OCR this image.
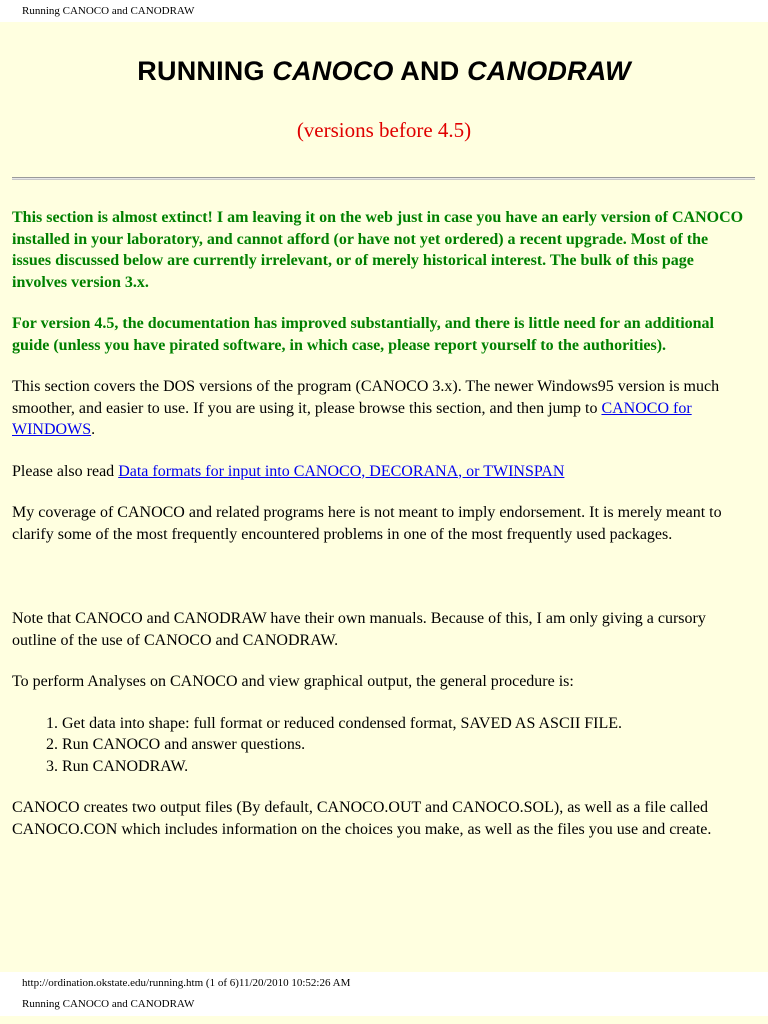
Running CANOCO and CANODRAW
RUNNING CANOCO AND CANODRAW
(versions before 4.5)

This section is almost extinct! I am leaving it on the web just in case you have an early version of CANOCO installed in your laboratory, and cannot afford (or have not yet ordered) a recent upgrade. Most of the issues discussed below are currently irrelevant, or of merely historical interest. The bulk of this page involves version 3.x.

For version 4.5, the documentation has improved substantially, and there is little need for an additional guide (unless you have pirated software, in which case, please report yourself to the authorities).

This section covers the DOS versions of the program (CANOCO 3.x). The newer Windows95 version is much smoother, and easier to use. If you are using it, please browse this section, and then jump to CANOCO for WINDOWS.

Please also read Data formats for input into CANOCO, DECORANA, or TWINSPAN

My coverage of CANOCO and related programs here is not meant to imply endorsement. It is merely meant to clarify some of the most frequently encountered problems in one of the most frequently used packages.

Note that CANOCO and CANODRAW have their own manuals. Because of this, I am only giving a cursory outline of the use of CANOCO and CANODRAW.

To perform Analyses on CANOCO and view graphical output, the general procedure is:

1. Get data into shape: full format or reduced condensed format, SAVED AS ASCII FILE.
2. Run CANOCO and answer questions.
3. Run CANODRAW.

CANOCO creates two output files (By default, CANOCO.OUT and CANOCO.SOL), as well as a file called CANOCO.CON which includes information on the choices you make, as well as the files you use and create.

http://ordination.okstate.edu/running.htm (1 of 6)11/20/2010 10:52:26 AM
Running CANOCO and CANODRAW
